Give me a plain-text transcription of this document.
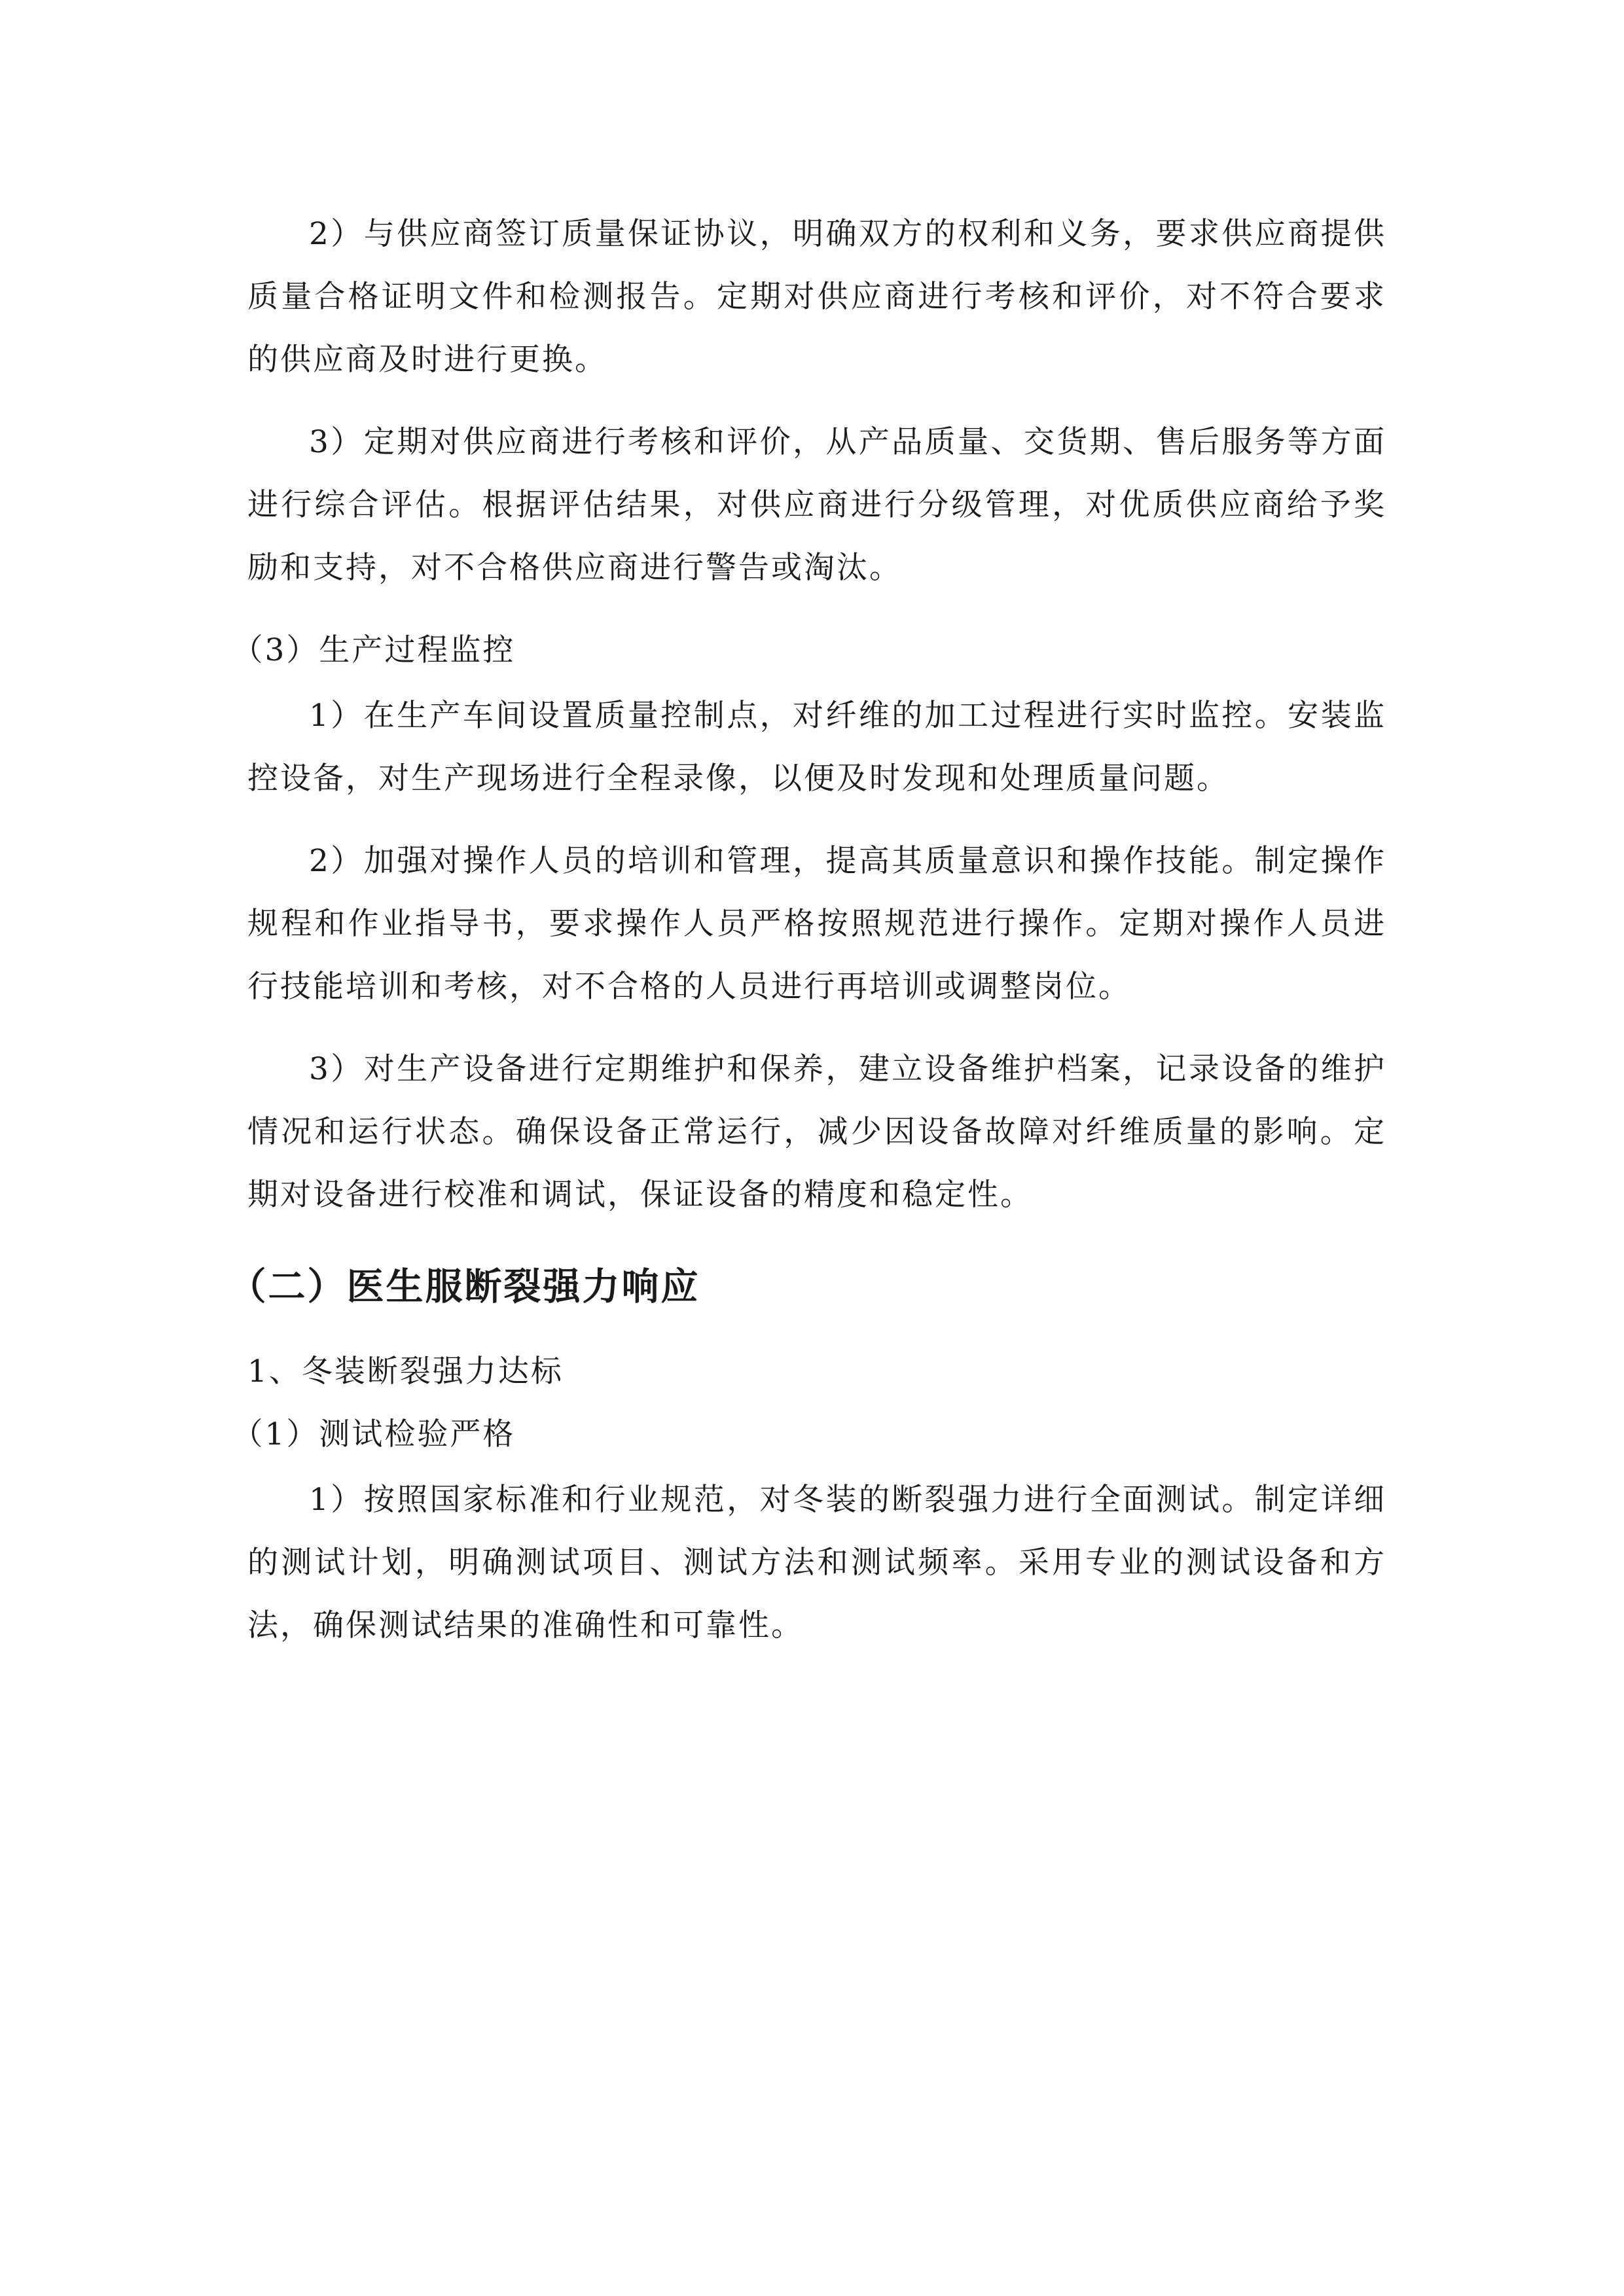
2）与供应商签订质量保证协议，明确双方的权利和义务，要求供应商提供质量合格证明文件和检测报告。定期对供应商进行考核和评价，对不符合要求的供应商及时进行更换。

3）定期对供应商进行考核和评价，从产品质量、交货期、售后服务等方面进行综合评估。根据评估结果，对供应商进行分级管理，对优质供应商给予奖励和支持，对不合格供应商进行警告或淘汰。

（3）生产过程监控

1）在生产车间设置质量控制点，对纤维的加工过程进行实时监控。安装监控设备，对生产现场进行全程录像，以便及时发现和处理质量问题。

2）加强对操作人员的培训和管理，提高其质量意识和操作技能。制定操作规程和作业指导书，要求操作人员严格按照规范进行操作。定期对操作人员进行技能培训和考核，对不合格的人员进行再培训或调整岗位。

3）对生产设备进行定期维护和保养，建立设备维护档案，记录设备的维护情况和运行状态。确保设备正常运行，减少因设备故障对纤维质量的影响。定期对设备进行校准和调试，保证设备的精度和稳定性。

（二）医生服断裂强力响应

1、冬装断裂强力达标

（1）测试检验严格

1）按照国家标准和行业规范，对冬装的断裂强力进行全面测试。制定详细的测试计划，明确测试项目、测试方法和测试频率。采用专业的测试设备和方法，确保测试结果的准确性和可靠性。
